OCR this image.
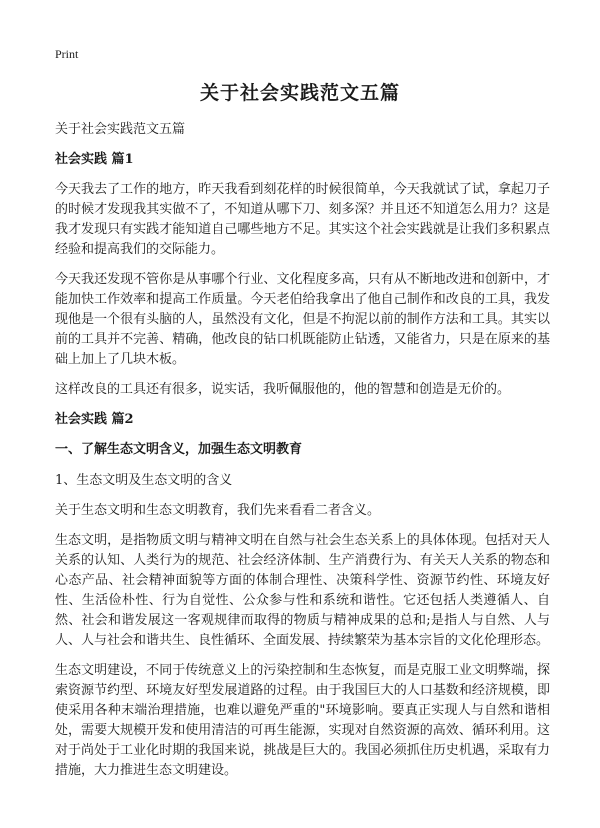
Print
关于社会实践范文五篇

关于社会实践范文五篇

社会实践 篇1

今天我去了工作的地方，昨天我看到刻花样的时候很简单，今天我就试了试，拿起刀子的时候才发现我其实做不了，不知道从哪下刀、刻多深？并且还不知道怎么用力？这是我才发现只有实践才能知道自己哪些地方不足。其实这个社会实践就是让我们多积累点经验和提高我们的交际能力。

今天我还发现不管你是从事哪个行业、文化程度多高，只有从不断地改进和创新中，才能加快工作效率和提高工作质量。今天老伯给我拿出了他自己制作和改良的工具，我发现他是一个很有头脑的人，虽然没有文化，但是不拘泥以前的制作方法和工具。其实以前的工具并不完善、精确，他改良的钻口机既能防止钻透，又能省力，只是在原来的基础上加上了几块木板。

这样改良的工具还有很多，说实话，我听佩服他的，他的智慧和创造是无价的。

社会实践 篇2

一、了解生态文明含义，加强生态文明教育

1、生态文明及生态文明的含义

关于生态文明和生态文明教育，我们先来看看二者含义。

生态文明，是指物质文明与精神文明在自然与社会生态关系上的具体体现。包括对天人关系的认知、人类行为的规范、社会经济体制、生产消费行为、有关天人关系的物态和心态产品、社会精神面貌等方面的体制合理性、决策科学性、资源节约性、环境友好性、生活俭朴性、行为自觉性、公众参与性和系统和谐性。它还包括人类遵循人、自然、社会和谐发展这一客观规律而取得的物质与精神成果的总和;是指人与自然、人与人、人与社会和谐共生、良性循环、全面发展、持续繁荣为基本宗旨的文化伦理形态。

生态文明建设，不同于传统意义上的污染控制和生态恢复，而是克服工业文明弊端，探索资源节约型、环境友好型发展道路的过程。由于我国巨大的人口基数和经济规模，即使采用各种末端治理措施，也难以避免严重的"环境影响。要真正实现人与自然和谐相处，需要大规模开发和使用清洁的可再生能源，实现对自然资源的高效、循环利用。这对于尚处于工业化时期的我国来说，挑战是巨大的。我国必须抓住历史机遇，采取有力措施，大力推进生态文明建设。
